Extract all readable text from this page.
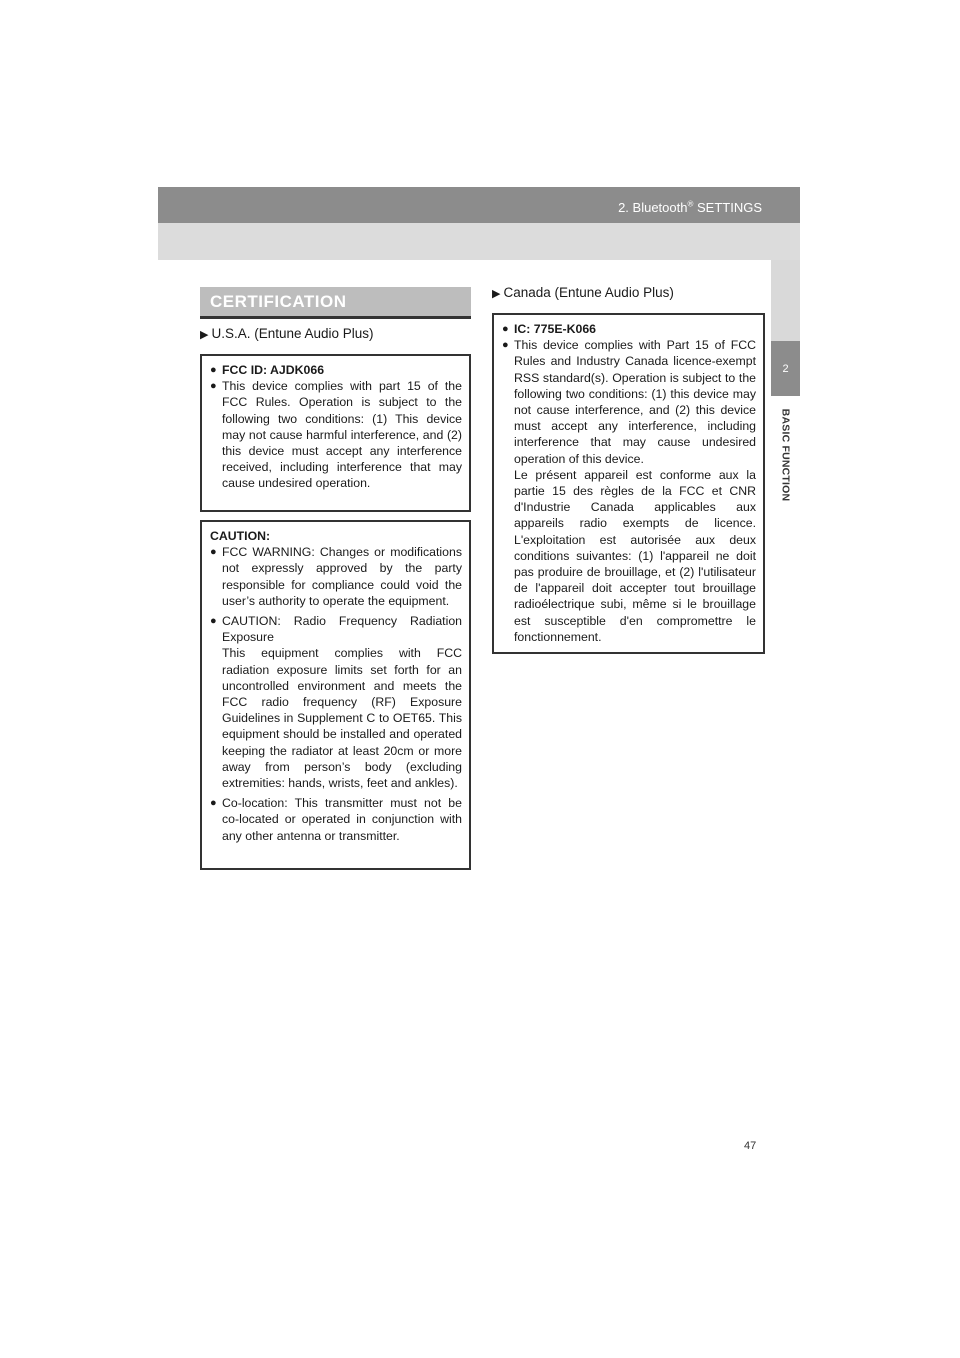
2. Bluetooth® SETTINGS
2
BASIC FUNCTION
CERTIFICATION
▶ U.S.A. (Entune Audio Plus)

● FCC ID: AJDK066

● This device complies with part 15 of the FCC Rules. Operation is subject to the following two conditions: (1) This device may not cause harmful interference, and (2) this device must accept any interference received, including interference that may cause undesired operation.

CAUTION:

● FCC WARNING: Changes or modifications not expressly approved by the party responsible for compliance could void the user’s authority to operate the equipment.

● CAUTION: Radio Frequency Radiation Exposure

This equipment complies with FCC radiation exposure limits set forth for an uncontrolled environment and meets the FCC radio frequency (RF) Exposure Guidelines in Supplement C to OET65. This equipment should be installed and operated keeping the radiator at least 20cm or more away from person’s body (excluding extremities: hands, wrists, feet and ankles).

● Co-location: This transmitter must not be co-located or operated in conjunction with any other antenna or transmitter.

▶ Canada (Entune Audio Plus)

● IC: 775E-K066

● This device complies with Part 15 of FCC Rules and Industry Canada licence-exempt RSS standard(s). Operation is subject to the following two conditions: (1) this device may not cause interference, and (2) this device must accept any interference, including interference that may cause undesired operation of this device.

Le présent appareil est conforme aux la partie 15 des règles de la FCC et CNR d'Industrie Canada applicables aux appareils radio exempts de licence. L'exploitation est autorisée aux deux conditions suivantes: (1) l'appareil ne doit pas produire de brouillage, et (2) l'utilisateur de l'appareil doit accepter tout brouillage radioélectrique subi, même si le brouillage est susceptible d'en compromettre le fonctionnement.

47
